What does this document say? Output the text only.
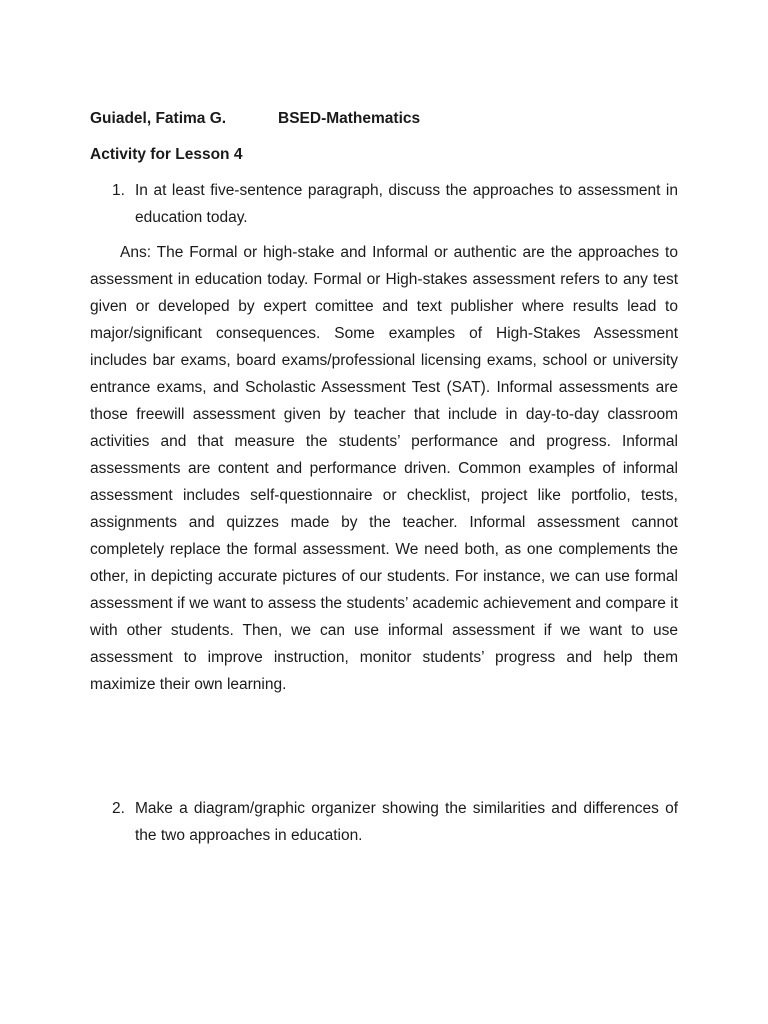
Guiadel, Fatima G.	BSED-Mathematics
Activity for Lesson 4
1. In at least five-sentence paragraph, discuss the approaches to assessment in education today.
Ans: The Formal or high-stake and Informal or authentic are the approaches to assessment in education today. Formal or High-stakes assessment refers to any test given or developed by expert comittee and text publisher where results lead to major/significant consequences. Some examples of High-Stakes Assessment includes bar exams, board exams/professional licensing exams, school or university entrance exams, and Scholastic Assessment Test (SAT). Informal assessments are those freewill assessment given by teacher that include in day-to-day classroom activities and that measure the students’ performance and progress. Informal assessments are content and performance driven. Common examples of informal assessment includes self-questionnaire or checklist, project like portfolio, tests, assignments and quizzes made by the teacher. Informal assessment cannot completely replace the formal assessment. We need both, as one complements the other, in depicting accurate pictures of our students. For instance, we can use formal assessment if we want to assess the students’ academic achievement and compare it with other students. Then, we can use informal assessment if we want to use assessment to improve instruction, monitor students’ progress and help them maximize their own learning.
2. Make a diagram/graphic organizer showing the similarities and differences of the two approaches in education.
